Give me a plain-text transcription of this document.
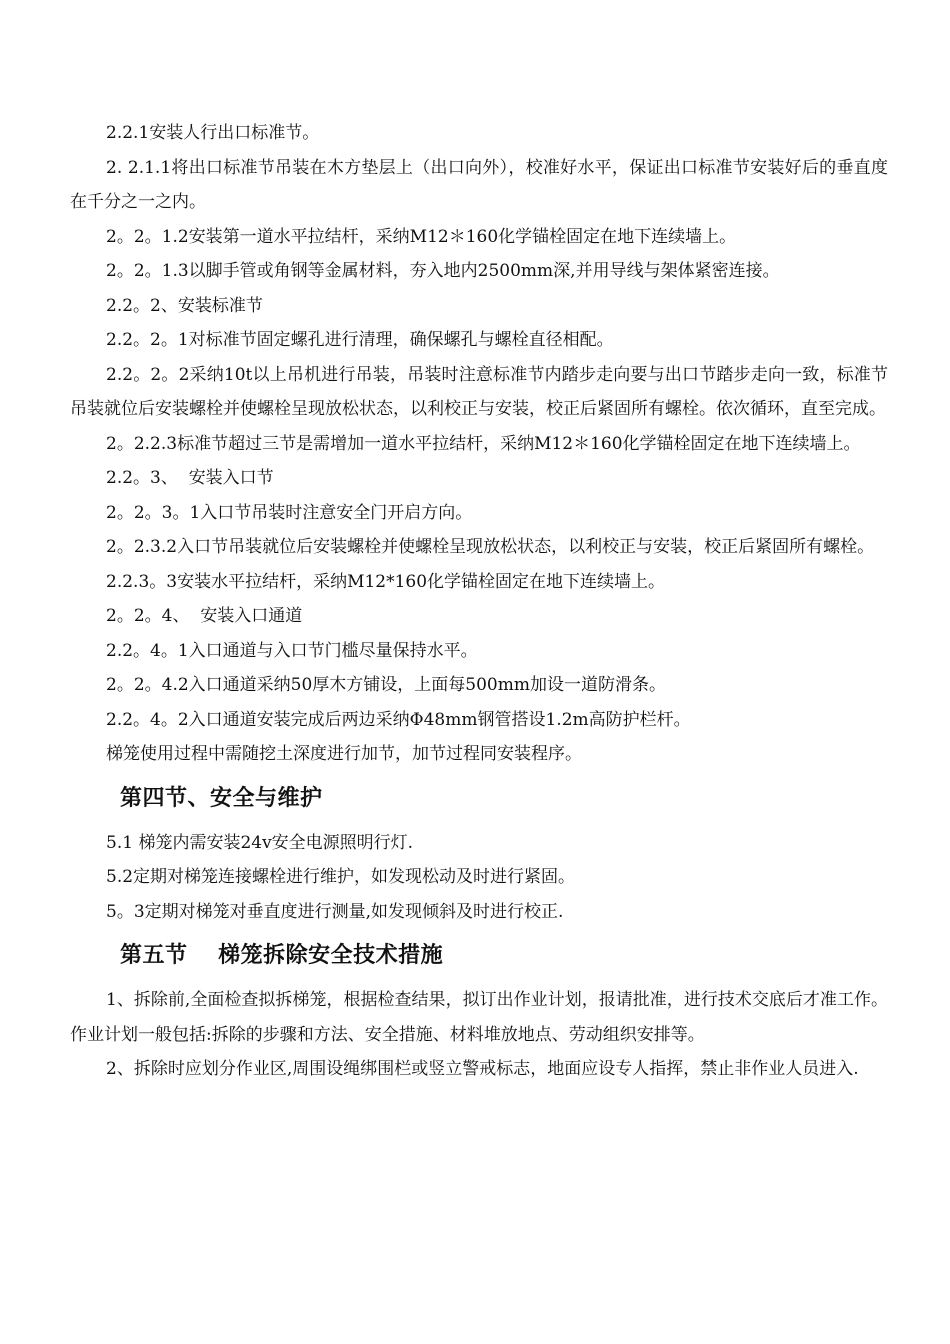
2.2.1安装人行出口标准节。

2. 2.1.1将出口标准节吊装在木方垫层上（出口向外），校准好水平，保证出口标准节安装好后的垂直度在千分之一之内。

2。2。1.2安装第一道水平拉结杆，采纳M12＊160化学锚栓固定在地下连续墙上。

2。2。1.3以脚手管或角钢等金属材料，夯入地内2500mm深,并用导线与架体紧密连接。

2.2。2、安装标准节

2.2。2。1对标准节固定螺孔进行清理，确保螺孔与螺栓直径相配。

2.2。2。2采纳10t以上吊机进行吊装，吊装时注意标准节内踏步走向要与出口节踏步走向一致，标准节吊装就位后安装螺栓并使螺栓呈现放松状态，以利校正与安装，校正后紧固所有螺栓。依次循环，直至完成。

2。2.2.3标准节超过三节是需增加一道水平拉结杆，采纳M12＊160化学锚栓固定在地下连续墙上。

2.2。3、  安装入口节

2。2。3。1入口节吊装时注意安全门开启方向。

2。2.3.2入口节吊装就位后安装螺栓并使螺栓呈现放松状态，以利校正与安装，校正后紧固所有螺栓。

2.2.3。3安装水平拉结杆，采纳M12*160化学锚栓固定在地下连续墙上。

2。2。4、  安装入口通道

2.2。4。1入口通道与入口节门槛尽量保持水平。

2。2。4.2入口通道采纳50厚木方铺设，上面每500mm加设一道防滑条。

2.2。4。2入口通道安装完成后两边采纳Φ48mm钢管搭设1.2m高防护栏杆。

梯笼使用过程中需随挖土深度进行加节，加节过程同安装程序。

第四节、安全与维护

5.1 梯笼内需安装24v安全电源照明行灯.

5.2定期对梯笼连接螺栓进行维护，如发现松动及时进行紧固。

5。3定期对梯笼对垂直度进行测量,如发现倾斜及时进行校正.

第五节　 梯笼拆除安全技术措施

1、拆除前,全面检查拟拆梯笼，根据检查结果，拟订出作业计划，报请批准，进行技术交底后才准工作。作业计划一般包括:拆除的步骤和方法、安全措施、材料堆放地点、劳动组织安排等。

2、拆除时应划分作业区,周围设绳绑围栏或竖立警戒标志，地面应设专人指挥，禁止非作业人员进入.
